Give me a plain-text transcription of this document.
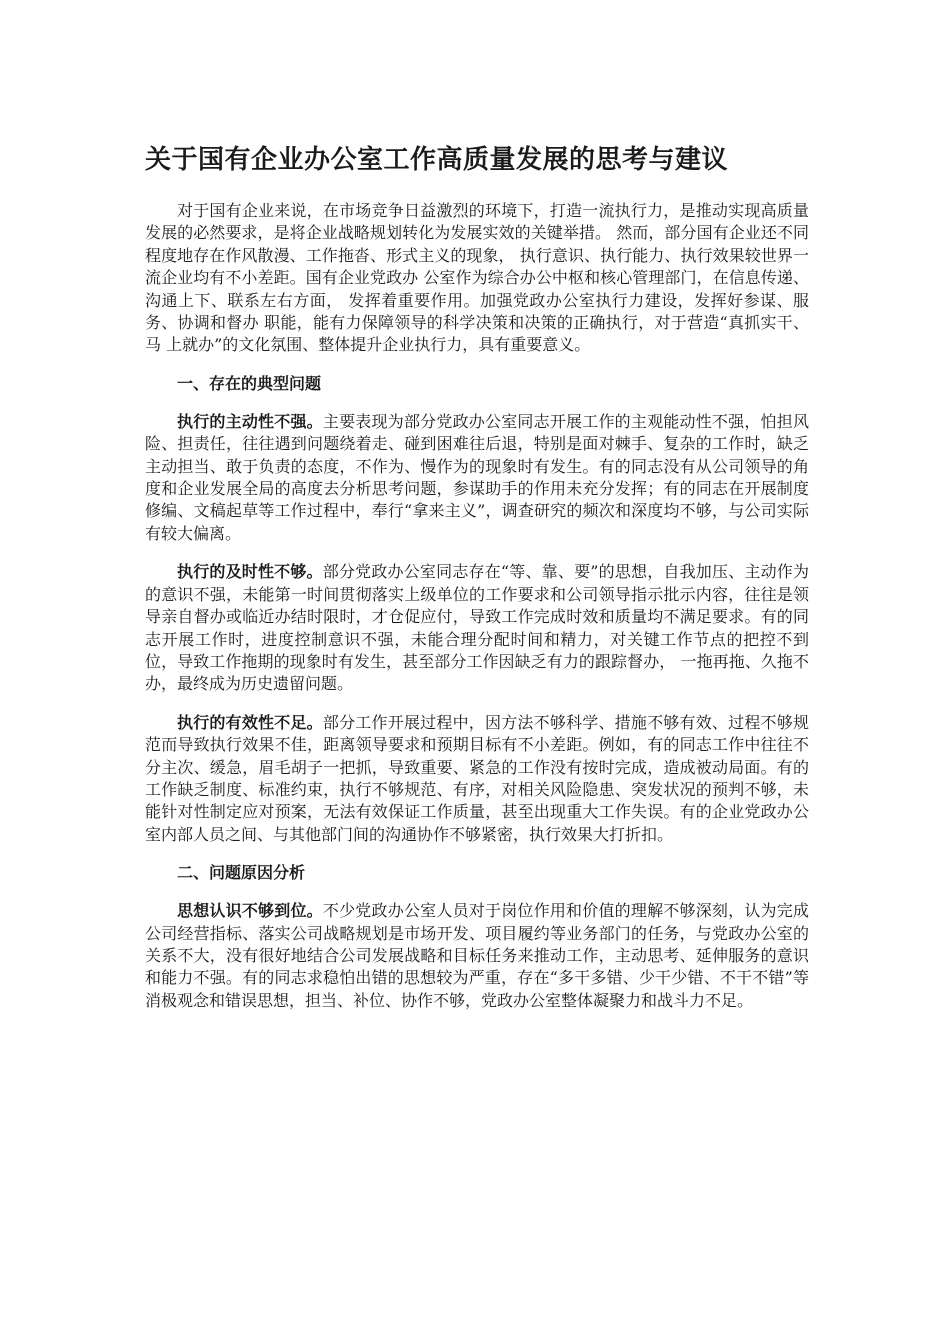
关于国有企业办公室工作高质量发展的思考与建议

对于国有企业来说，在市场竞争日益激烈的环境下，打造一流执行力，是推动实现高质量发展的必然要求，是将企业战略规划转化为发展实效的关键举措。 然而，部分国有企业还不同程度地存在作风散漫、工作拖沓、形式主义的现象， 执行意识、执行能力、执行效果较世界一流企业均有不小差距。国有企业党政办 公室作为综合办公中枢和核心管理部门，在信息传递、沟通上下、联系左右方面， 发挥着重要作用。加强党政办公室执行力建设，发挥好参谋、服务、协调和督办 职能，能有力保障领导的科学决策和决策的正确执行，对于营造“真抓实干、马 上就办”的文化氛围、整体提升企业执行力，具有重要意义。

一、存在的典型问题

执行的主动性不强。主要表现为部分党政办公室同志开展工作的主观能动性不强，怕担风险、担责任，往往遇到问题绕着走、碰到困难往后退，特别是面对棘手、复杂的工作时，缺乏主动担当、敢于负责的态度，不作为、慢作为的现象时有发生。有的同志没有从公司领导的角度和企业发展全局的高度去分析思考问题，参谋助手的作用未充分发挥；有的同志在开展制度修编、文稿起草等工作过程中，奉行“拿来主义”，调查研究的频次和深度均不够，与公司实际有较大偏离。

执行的及时性不够。部分党政办公室同志存在“等、靠、要”的思想，自我加压、主动作为的意识不强，未能第一时间贯彻落实上级单位的工作要求和公司领导指示批示内容，往往是领导亲自督办或临近办结时限时，才仓促应付，导致工作完成时效和质量均不满足要求。有的同志开展工作时，进度控制意识不强，未能合理分配时间和精力，对关键工作节点的把控不到位，导致工作拖期的现象时有发生，甚至部分工作因缺乏有力的跟踪督办， 一拖再拖、久拖不办，最终成为历史遗留问题。

执行的有效性不足。部分工作开展过程中，因方法不够科学、措施不够有效、过程不够规范而导致执行效果不佳，距离领导要求和预期目标有不小差距。例如，有的同志工作中往往不分主次、缓急，眉毛胡子一把抓，导致重要、紧急的工作没有按时完成，造成被动局面。有的工作缺乏制度、标准约束，执行不够规范、有序，对相关风险隐患、突发状况的预判不够，未能针对性制定应对预案，无法有效保证工作质量，甚至出现重大工作失误。有的企业党政办公室内部人员之间、与其他部门间的沟通协作不够紧密，执行效果大打折扣。

二、问题原因分析

思想认识不够到位。不少党政办公室人员对于岗位作用和价值的理解不够深刻，认为完成公司经营指标、落实公司战略规划是市场开发、项目履约等业务部门的任务，与党政办公室的关系不大，没有很好地结合公司发展战略和目标任务来推动工作，主动思考、延伸服务的意识和能力不强。有的同志求稳怕出错的思想较为严重，存在“多干多错、少干少错、不干不错”等消极观念和错误思想，担当、补位、协作不够，党政办公室整体凝聚力和战斗力不足。
